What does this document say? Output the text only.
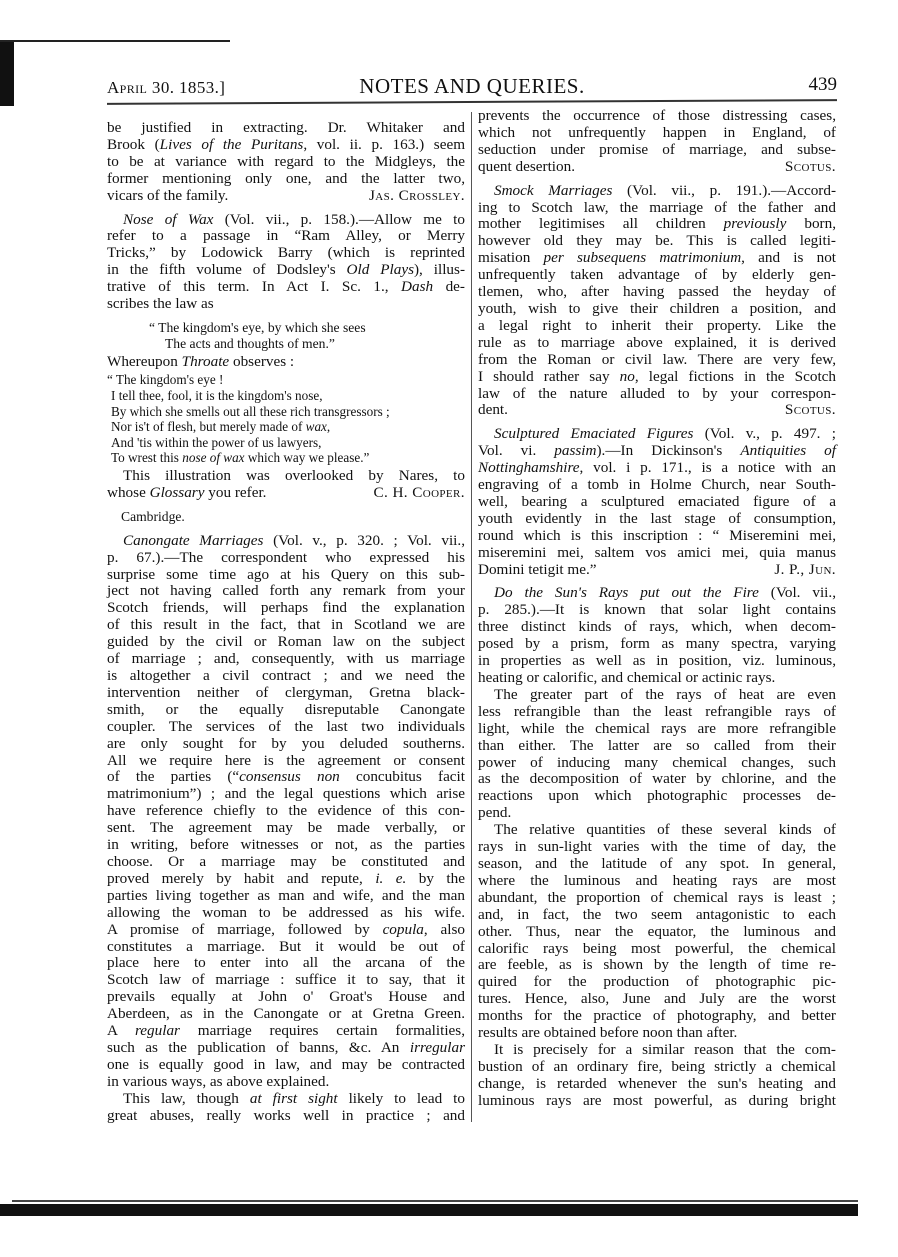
April 30. 1853.]	NOTES AND QUERIES.	439
be justified in extracting. Dr. Whitaker and
Brook (Lives of the Puritans, vol. ii. p. 163.) seem
to be at variance with regard to the Midgleys, the
former mentioning only one, and the latter two,
vicars of the family.	Jas. Crossley.
Nose of Wax (Vol. vii., p. 158.).—Allow me to
refer to a passage in “Ram Alley, or Merry
Tricks,” by Lodowick Barry (which is reprinted
in the fifth volume of Dodsley's Old Plays), illus-
trative of this term. In Act I. Sc. 1., Dash de-
scribes the law as
“ The kingdom's eye, by which she sees
The acts and thoughts of men.”
Whereupon Throate observes :
“ The kingdom's eye !
I tell thee, fool, it is the kingdom's nose,
By which she smells out all these rich transgressors ;
Nor is't of flesh, but merely made of wax,
And 'tis within the power of us lawyers,
To wrest this nose of wax which way we please.”
This illustration was overlooked by Nares, to
whose Glossary you refer.	C. H. Cooper.
Cambridge.
Canongate Marriages (Vol. v., p. 320. ; Vol. vii.,
p. 67.).—The correspondent who expressed his
surprise some time ago at his Query on this sub-
ject not having called forth any remark from your
Scotch friends, will perhaps find the explanation
of this result in the fact, that in Scotland we are
guided by the civil or Roman law on the subject
of marriage ; and, consequently, with us marriage
is altogether a civil contract ; and we need the
intervention neither of clergyman, Gretna black-
smith, or the equally disreputable Canongate
coupler. The services of the last two individuals
are only sought for by you deluded southerns.
All we require here is the agreement or consent
of the parties (“consensus non concubitus facit
matrimonium”) ; and the legal questions which arise
have reference chiefly to the evidence of this con-
sent. The agreement may be made verbally, or
in writing, before witnesses or not, as the parties
choose. Or a marriage may be constituted and
proved merely by habit and repute, i. e. by the
parties living together as man and wife, and the man
allowing the woman to be addressed as his wife.
A promise of marriage, followed by copula, also
constitutes a marriage. But it would be out of
place here to enter into all the arcana of the
Scotch law of marriage : suffice it to say, that it
prevails equally at John o' Groat's House and
Aberdeen, as in the Canongate or at Gretna Green.
A regular marriage requires certain formalities,
such as the publication of banns, &c. An irregular
one is equally good in law, and may be contracted
in various ways, as above explained.
This law, though at first sight likely to lead to
great abuses, really works well in practice ; and
prevents the occurrence of those distressing cases,
which not unfrequently happen in England, of
seduction under promise of marriage, and subse-
quent desertion.	Scotus.
Smock Marriages (Vol. vii., p. 191.).—Accord-
ing to Scotch law, the marriage of the father and
mother legitimises all children previously born,
however old they may be. This is called legiti-
misation per subsequens matrimonium, and is not
unfrequently taken advantage of by elderly gen-
tlemen, who, after having passed the heyday of
youth, wish to give their children a position, and
a legal right to inherit their property. Like the
rule as to marriage above explained, it is derived
from the Roman or civil law. There are very few,
I should rather say no, legal fictions in the Scotch
law of the nature alluded to by your correspon-
dent.	Scotus.
Sculptured Emaciated Figures (Vol. v., p. 497. ;
Vol. vi. passim).—In Dickinson's Antiquities of
Nottinghamshire, vol. i p. 171., is a notice with an
engraving of a tomb in Holme Church, near South-
well, bearing a sculptured emaciated figure of a
youth evidently in the last stage of consumption,
round which is this inscription : “ Miseremini mei,
miseremini mei, saltem vos amici mei, quia manus
Domini tetigit me.”	J. P., Jun.
Do the Sun's Rays put out the Fire (Vol. vii.,
p. 285.).—It is known that solar light contains
three distinct kinds of rays, which, when decom-
posed by a prism, form as many spectra, varying
in properties as well as in position, viz. luminous,
heating or calorific, and chemical or actinic rays.
The greater part of the rays of heat are even
less refrangible than the least refrangible rays of
light, while the chemical rays are more refrangible
than either. The latter are so called from their
power of inducing many chemical changes, such
as the decomposition of water by chlorine, and the
reactions upon which photographic processes de-
pend.
The relative quantities of these several kinds of
rays in sun-light varies with the time of day, the
season, and the latitude of any spot. In general,
where the luminous and heating rays are most
abundant, the proportion of chemical rays is least ;
and, in fact, the two seem antagonistic to each
other. Thus, near the equator, the luminous and
calorific rays being most powerful, the chemical
are feeble, as is shown by the length of time re-
quired for the production of photographic pic-
tures. Hence, also, June and July are the worst
months for the practice of photography, and better
results are obtained before noon than after.
It is precisely for a similar reason that the com-
bustion of an ordinary fire, being strictly a chemical
change, is retarded whenever the sun's heating and
luminous rays are most powerful, as during bright
